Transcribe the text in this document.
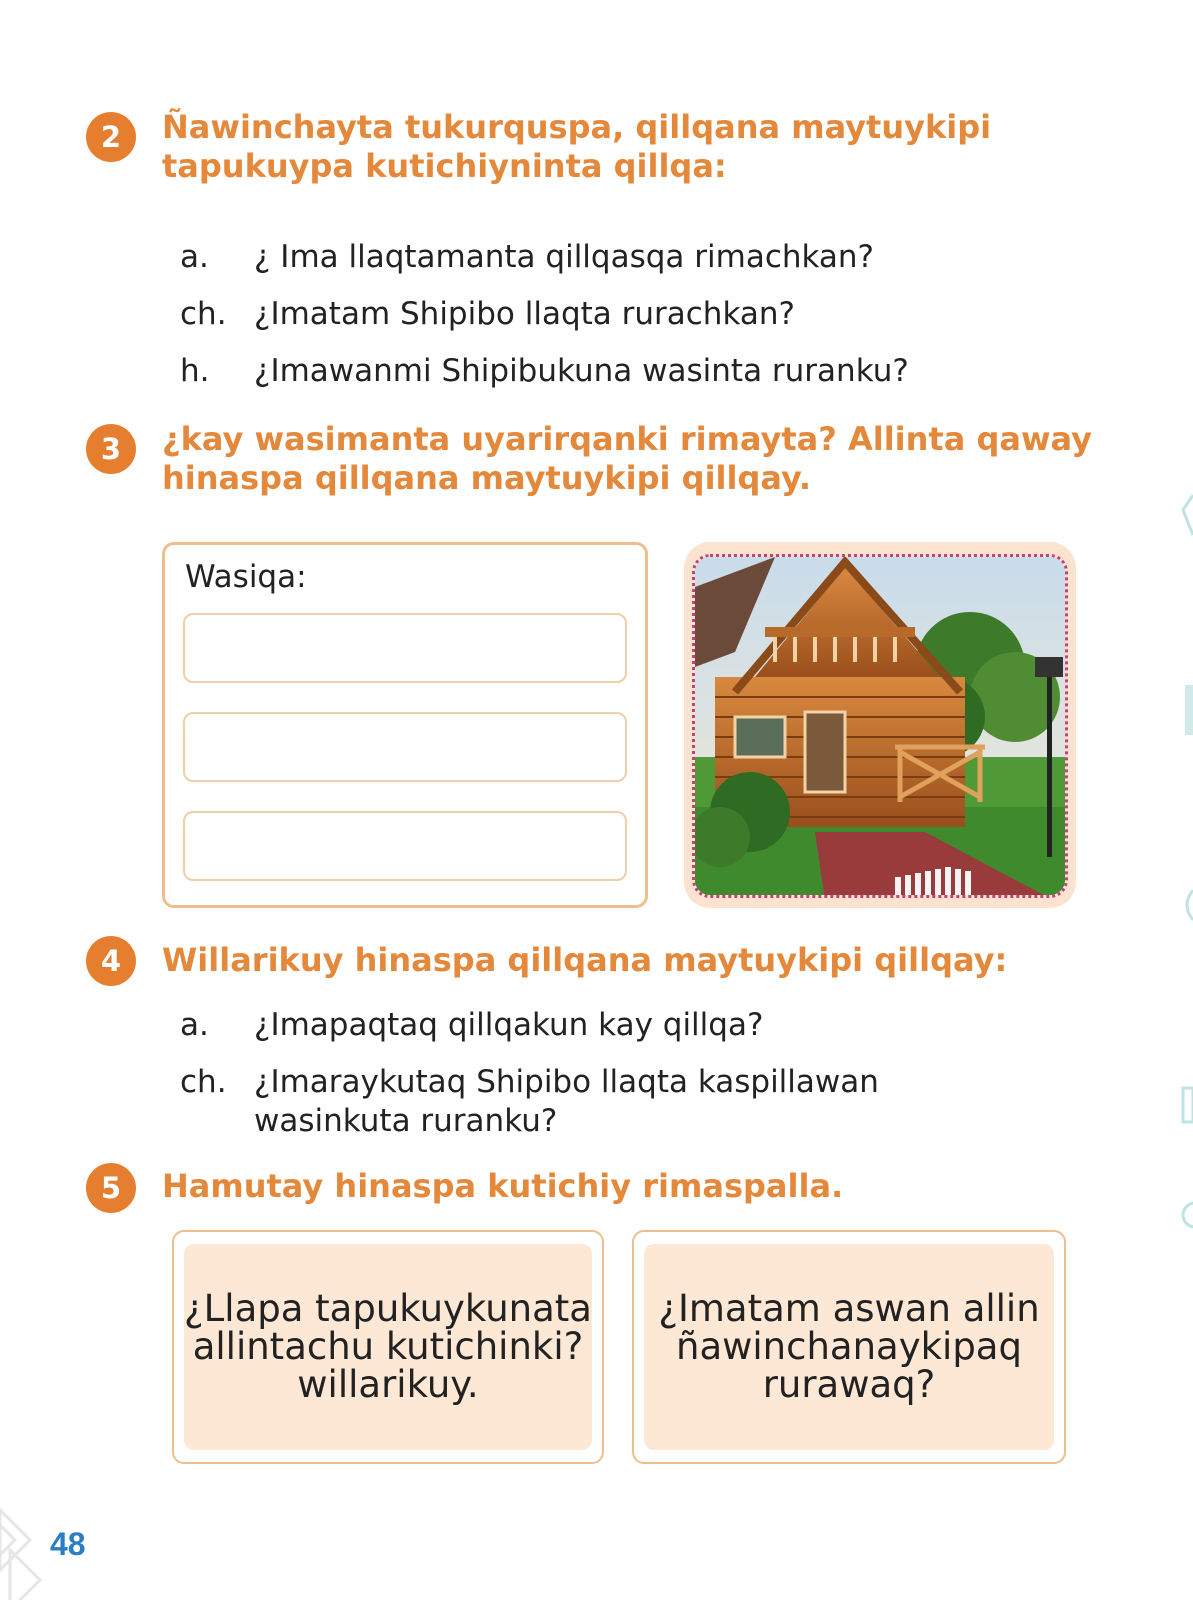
2 Ñawinchayta tukurquspa, qillqana maytuykipi
tapukuypa kutichiyninta qillqa:
a. ¿ Ima llaqtamanta qillqasqa rimachkan?
ch. ¿Imatam Shipibo llaqta rurachkan?
h. ¿Imawanmi Shipibukuna wasinta ruranku?
3 ¿kay wasimanta uyarirqanki rimayta? Allinta qaway
hinaspa qillqana maytuykipi qillqay.
Wasiqa:
4 Willarikuy hinaspa qillqana maytuykipi qillqay:
a. ¿Imapaqtaq qillqakun kay qillqa?
ch. ¿Imaraykutaq Shipibo llaqta kaspillawan
wasinkuta ruranku?
5 Hamutay hinaspa kutichiy rimaspalla.
¿Llapa tapukuykunata
allintachu kutichinki?
willarikuy.
¿Imatam aswan allin
ñawinchanaykipaq
rurawaq?
48
